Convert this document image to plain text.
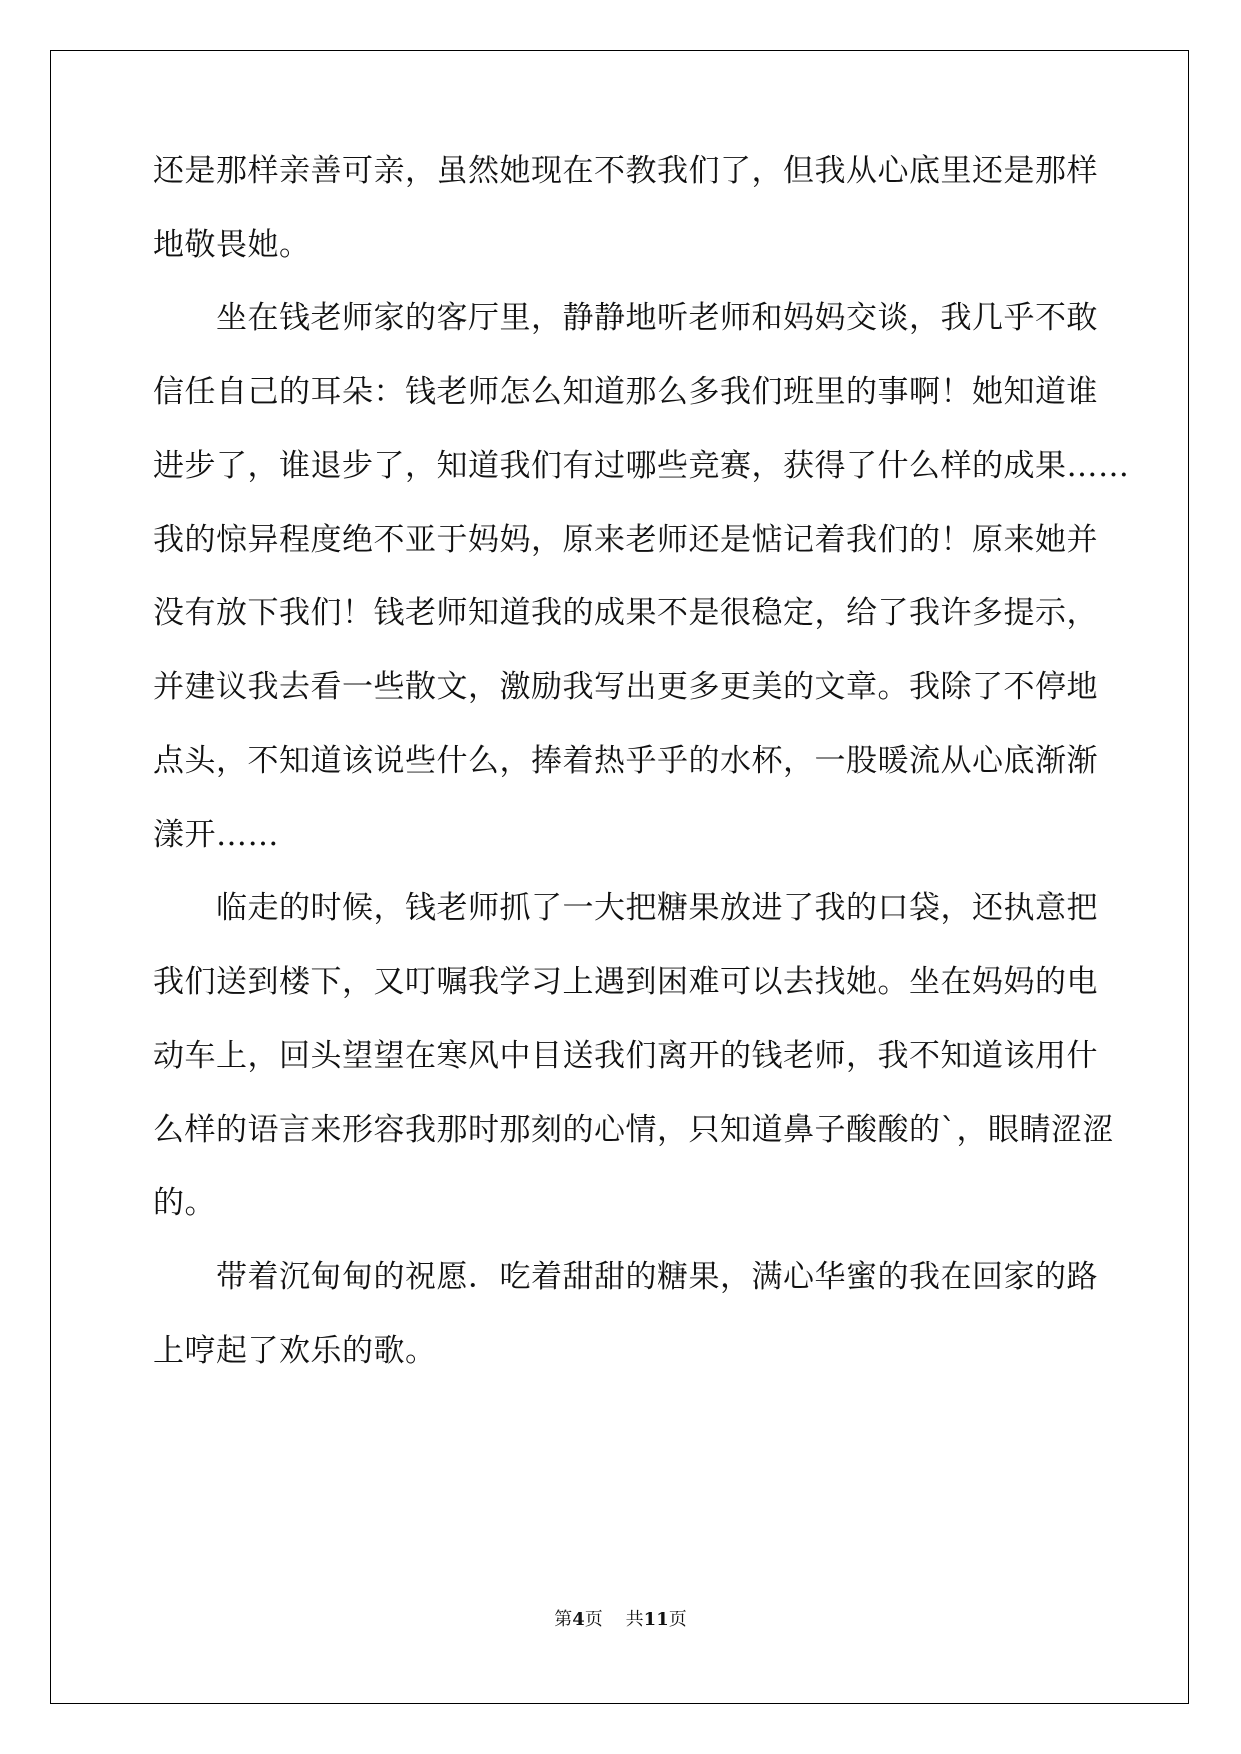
还是那样亲善可亲，虽然她现在不教我们了，但我从心底里还是那样
地敬畏她。
　　坐在钱老师家的客厅里，静静地听老师和妈妈交谈，我几乎不敢
信任自己的耳朵：钱老师怎么知道那么多我们班里的事啊！她知道谁
进步了，谁退步了，知道我们有过哪些竞赛，获得了什么样的成果……
我的惊异程度绝不亚于妈妈，原来老师还是惦记着我们的！原来她并
没有放下我们！钱老师知道我的成果不是很稳定，给了我许多提示，
并建议我去看一些散文，激励我写出更多更美的文章。我除了不停地
点头，不知道该说些什么，捧着热乎乎的水杯，一股暖流从心底渐渐
漾开……
　　临走的时候，钱老师抓了一大把糖果放进了我的口袋，还执意把
我们送到楼下，又叮嘱我学习上遇到困难可以去找她。坐在妈妈的电
动车上，回头望望在寒风中目送我们离开的钱老师，我不知道该用什
么样的语言来形容我那时那刻的心情，只知道鼻子酸酸的`，眼睛涩涩
的。
　　带着沉甸甸的祝愿．吃着甜甜的糖果，满心华蜜的我在回家的路
上哼起了欢乐的歌。
第4页 共11页
